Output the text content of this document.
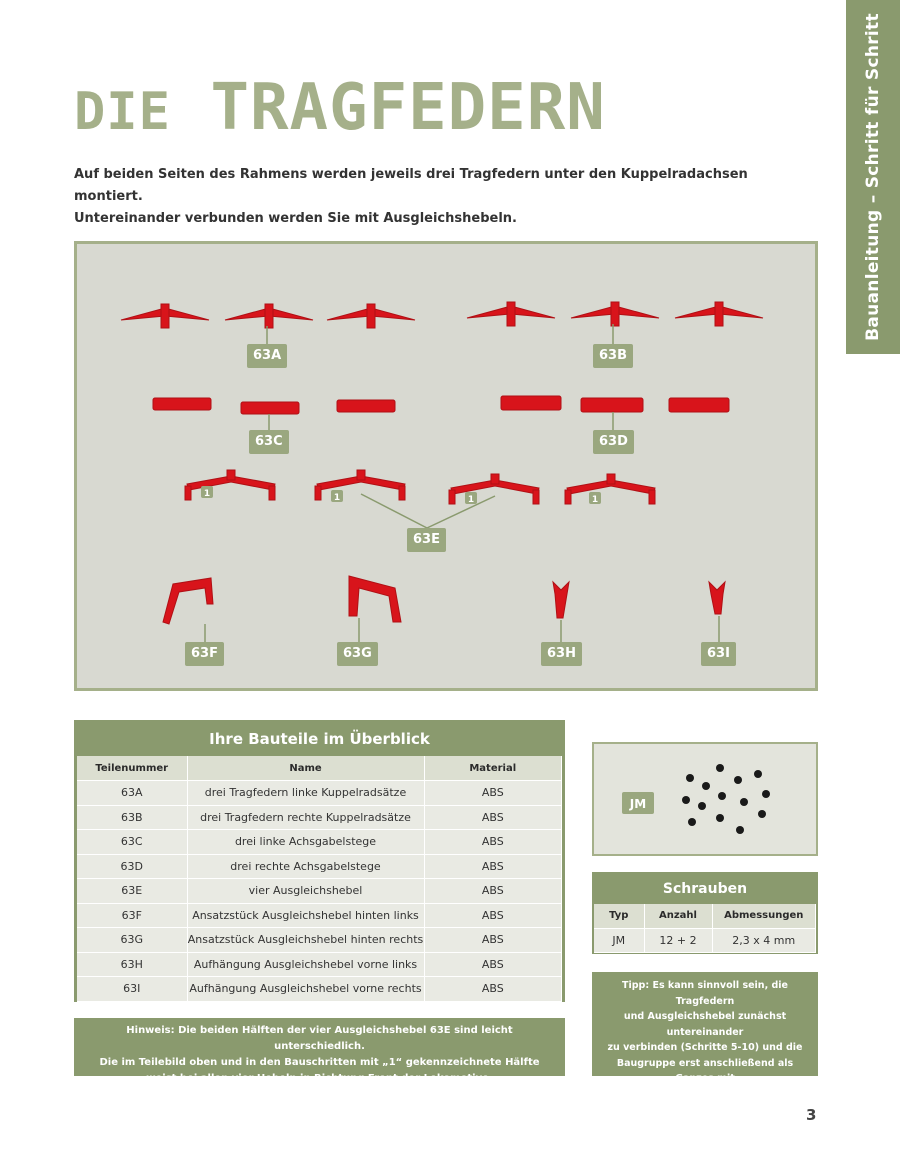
Bauanleitung – Schritt für Schritt
DIE TRAGFEDERN
Auf beiden Seiten des Rahmens werden jeweils drei Tragfedern unter den Kuppelradachsen montiert.
Untereinander verbunden werden Sie mit Ausgleichshebeln.
1	1	1	1
63A	63B
63C	63D
63E
63F	63G	63H	63I
Ihre Bauteile im Überblick
Teilenummer	Name	Material
63A	drei Tragfedern linke Kuppelradsätze	ABS
63B	drei Tragfedern rechte Kuppelradsätze	ABS
63C	drei linke Achsgabelstege	ABS
63D	drei rechte Achsgabelstege	ABS
63E	vier Ausgleichshebel	ABS
63F	Ansatzstück Ausgleichshebel hinten links	ABS
63G	Ansatzstück Ausgleichshebel hinten rechts	ABS
63H	Aufhängung Ausgleichshebel vorne links	ABS
63I	Aufhängung Ausgleichshebel vorne rechts	ABS
JM
Schrauben
Typ	Anzahl	Abmessungen
JM	12 + 2	2,3 x 4 mm
Tipp: Es kann sinnvoll sein, die Tragfedern
und Ausgleichshebel zunächst untereinander
zu verbinden (Schritte 5-10) und die
Baugruppe erst anschließend als Ganzes mit
den Achsgabeln und dem Rahmen zu
verbinden. Dies gilt für beide Rahmenseiten.
Hinweis: Die beiden Hälften der vier Ausgleichshebel 63E sind leicht unterschiedlich.
Die im Teilebild oben und in den Bauschritten mit „1“ gekennzeichnete Hälfte
weist bei allen vier Hebeln in Richtung Front der Lokomotive.
3
